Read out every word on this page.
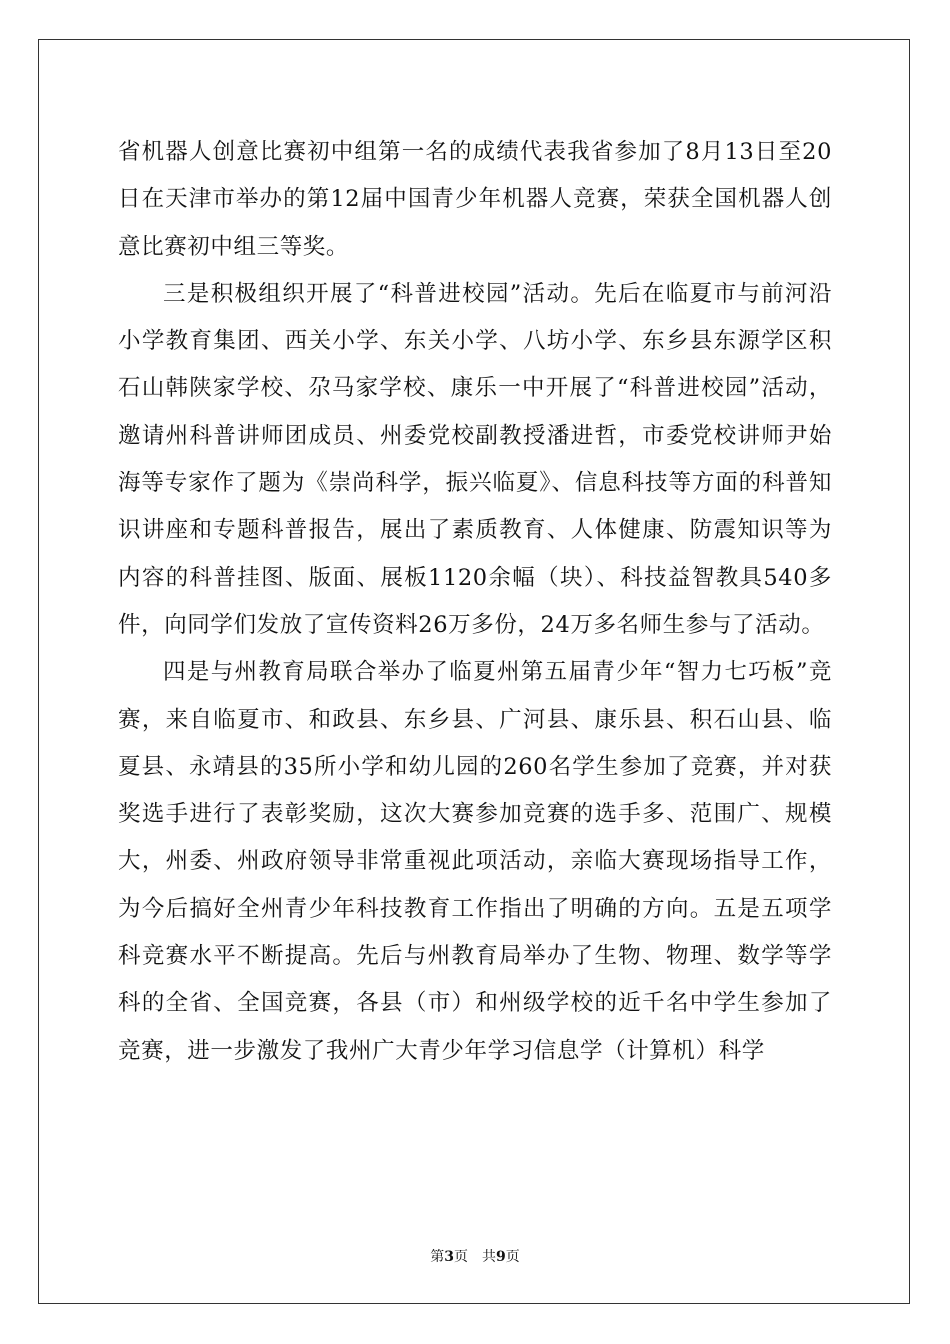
省机器人创意比赛初中组第一名的成绩代表我省参加了8月13日至20日在天津市举办的第12届中国青少年机器人竞赛，荣获全国机器人创意比赛初中组三等奖。

三是积极组织开展了“科普进校园”活动。先后在临夏市与前河沿小学教育集团、西关小学、东关小学、八坊小学、东乡县东源学区积石山韩陕家学校、尕马家学校、康乐一中开展了“科普进校园”活动，邀请州科普讲师团成员、州委党校副教授潘进哲，市委党校讲师尹始海等专家作了题为《崇尚科学，振兴临夏》、信息科技等方面的科普知识讲座和专题科普报告，展出了素质教育、人体健康、防震知识等为内容的科普挂图、版面、展板1120余幅（块）、科技益智教具540多件，向同学们发放了宣传资料26万多份，24万多名师生参与了活动。

四是与州教育局联合举办了临夏州第五届青少年“智力七巧板”竞赛，来自临夏市、和政县、东乡县、广河县、康乐县、积石山县、临夏县、永靖县的35所小学和幼儿园的260名学生参加了竞赛，并对获奖选手进行了表彰奖励，这次大赛参加竞赛的选手多、范围广、规模大，州委、州政府领导非常重视此项活动，亲临大赛现场指导工作，为今后搞好全州青少年科技教育工作指出了明确的方向。五是五项学科竞赛水平不断提高。先后与州教育局举办了生物、物理、数学等学科的全省、全国竞赛，各县（市）和州级学校的近千名中学生参加了竞赛，进一步激发了我州广大青少年学习信息学（计算机）科学

第3页 共9页
